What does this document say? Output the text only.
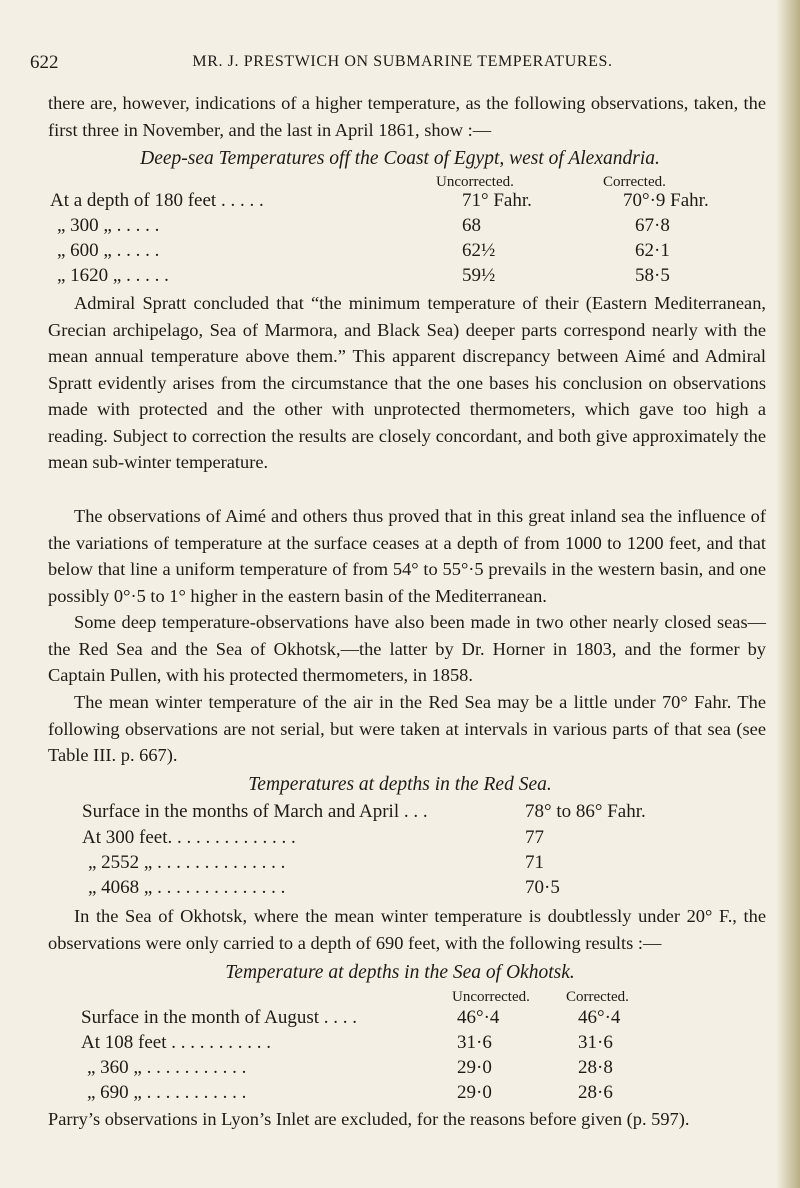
622	MR. J. PRESTWICH ON SUBMARINE TEMPERATURES.

there are, however, indications of a higher temperature, as the following observations, taken, the first three in November, and the last in April 1861, show :—

Deep-sea Temperatures off the Coast of Egypt, west of Alexandria.
Uncorrected.	Corrected.
At a depth of 180 feet . . . . .	71° Fahr.	70°·9 Fahr.
„ 300 „ . . . . .	68	67·8
„ 600 „ . . . . .	62½	62·1
„ 1620 „ . . . . .	59½	58·5

Admiral Spratt concluded that “the minimum temperature of their (Eastern Mediterranean, Grecian archipelago, Sea of Marmora, and Black Sea) deeper parts correspond nearly with the mean annual temperature above them.” This apparent discrepancy between Aimé and Admiral Spratt evidently arises from the circumstance that the one bases his conclusion on observations made with protected and the other with unprotected thermometers, which gave too high a reading. Subject to correction the results are closely concordant, and both give approximately the mean sub-winter temperature.

The observations of Aimé and others thus proved that in this great inland sea the influence of the variations of temperature at the surface ceases at a depth of from 1000 to 1200 feet, and that below that line a uniform temperature of from 54° to 55°·5 prevails in the western basin, and one possibly 0°·5 to 1° higher in the eastern basin of the Mediterranean.

Some deep temperature-observations have also been made in two other nearly closed seas—the Red Sea and the Sea of Okhotsk,—the latter by Dr. Horner in 1803, and the former by Captain Pullen, with his protected thermometers, in 1858.

The mean winter temperature of the air in the Red Sea may be a little under 70° Fahr. The following observations are not serial, but were taken at intervals in various parts of that sea (see Table III. p. 667).

Temperatures at depths in the Red Sea.
Surface in the months of March and April . . .	78° to 86° Fahr.
At 300 feet. . . . . . . . . . . . . .	77
„ 2552 „ . . . . . . . . . . . . . .	71
„ 4068 „ . . . . . . . . . . . . . .	70·5

In the Sea of Okhotsk, where the mean winter temperature is doubtlessly under 20° F., the observations were only carried to a depth of 690 feet, with the following results :—

Temperature at depths in the Sea of Okhotsk.
Uncorrected. Corrected.
Surface in the month of August . . . .	46°·4	46°·4
At 108 feet . . . . . . . . . . .	31·6	31·6
„ 360 „ . . . . . . . . . . .	29·0	28·8
„ 690 „ . . . . . . . . . . .	29·0	28·6

Parry’s observations in Lyon’s Inlet are excluded, for the reasons before given (p. 597).
